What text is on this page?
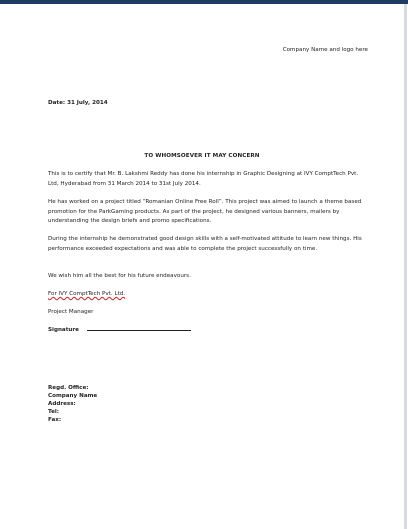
Company Name and logo here
Date: 31 July, 2014
TO WHOMSOEVER IT MAY CONCERN

This is to certify that Mr. B. Lakshmi Reddy has done his internship in Graphic Designing at IVY ComptTech Pvt. Ltd, Hyderabad from 31 March 2014 to 31st July 2014.

He has worked on a project titled “Romanian Online Free Roll”. This project was aimed to launch a theme based promotion for the ParkGaming products. As part of the project, he designed various banners, mailers by understanding the design briefs and promo specifications.

During the internship he demonstrated good design skills with a self-motivated attitude to learn new things. His performance exceeded expectations and was able to complete the project successfully on time.

We wish him all the best for his future endeavours.

For IVY ComptTech Pvt. Ltd.
Project Manager
Signature
Regd. Office:
Company Name
Address:
Tel:
Fax:
